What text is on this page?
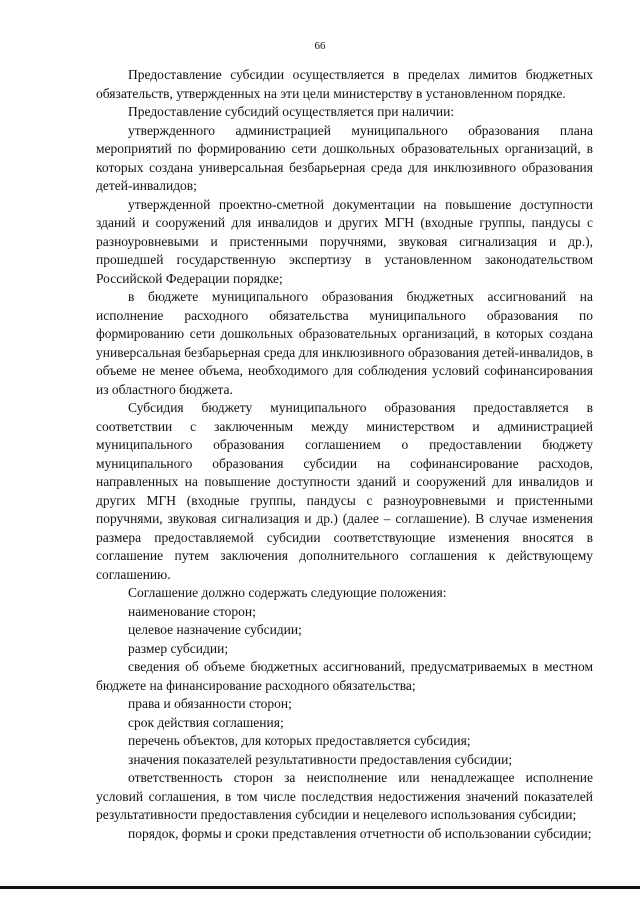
66

Предоставление субсидии осуществляется в пределах лимитов бюджетных обязательств, утвержденных на эти цели министерству в установленном порядке.

Предоставление субсидий осуществляется при наличии:

утвержденного администрацией муниципального образования плана мероприятий по формированию сети дошкольных образовательных организаций, в которых создана универсальная безбарьерная среда для инклюзивного образования детей-инвалидов;

утвержденной проектно-сметной документации на повышение доступности зданий и сооружений для инвалидов и других МГН (входные группы, пандусы с разноуровневыми и пристенными поручнями, звуковая сигнализация и др.), прошедшей государственную экспертизу в установленном законодательством Российской Федерации порядке;

в бюджете муниципального образования бюджетных ассигнований на исполнение расходного обязательства муниципального образования по формированию сети дошкольных образовательных организаций, в которых создана универсальная безбарьерная среда для инклюзивного образования детей-инвалидов, в объеме не менее объема, необходимого для соблюдения условий софинансирования из областного бюджета.

Субсидия бюджету муниципального образования предоставляется в соответствии с заключенным между министерством и администрацией муниципального образования соглашением о предоставлении бюджету муниципального образования субсидии на софинансирование расходов, направленных на повышение доступности зданий и сооружений для инвалидов и других МГН (входные группы, пандусы с разноуровневыми и пристенными поручнями, звуковая сигнализация и др.) (далее – соглашение). В случае изменения размера предоставляемой субсидии соответствующие изменения вносятся в соглашение путем заключения дополнительного соглашения к действующему соглашению.

Соглашение должно содержать следующие положения:

наименование сторон;

целевое назначение субсидии;

размер субсидии;

сведения об объеме бюджетных ассигнований, предусматриваемых в местном бюджете на финансирование расходного обязательства;

права и обязанности сторон;

срок действия соглашения;

перечень объектов, для которых предоставляется субсидия;

значения показателей результативности предоставления субсидии;

ответственность сторон за неисполнение или ненадлежащее исполнение условий соглашения, в том числе последствия недостижения значений показателей результативности предоставления субсидии и нецелевого использования субсидии;

порядок, формы и сроки представления отчетности об использовании субсидии;
